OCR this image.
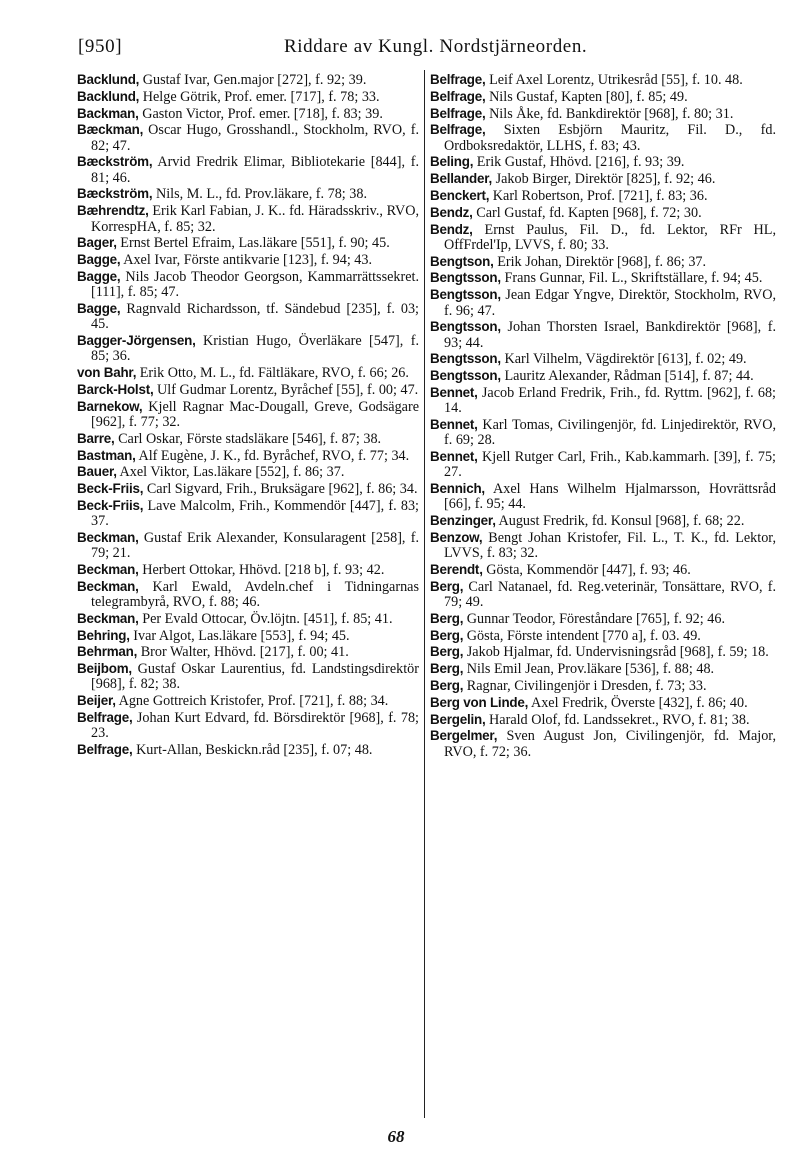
[950]	Riddare av Kungl. Nordstjärneorden.

Backlund, Gustaf Ivar, Gen.major [272], f. 92; 39.

Backlund, Helge Götrik, Prof. emer. [717], f. 78; 33.

Backman, Gaston Victor, Prof. emer. [718], f. 83; 39.

Bæckman, Oscar Hugo, Grosshandl., Stockholm, RVO, f. 82; 47.

Bæckström, Arvid Fredrik Elimar, Bibliotekarie [844], f. 81; 46.

Bæckström, Nils, M. L., fd. Prov.läkare, f. 78; 38.

Bæhrendtz, Erik Karl Fabian, J. K.. fd. Häradsskriv., RVO, KorrespHA, f. 85; 32.

Bager, Ernst Bertel Efraim, Las.läkare [551], f. 90; 45.

Bagge, Axel Ivar, Förste antikvarie [123], f. 94; 43.

Bagge, Nils Jacob Theodor Georgson, Kammarrättssekret. [111], f. 85; 47.

Bagge, Ragnvald Richardsson, tf. Sändebud [235], f. 03; 45.

Bagger-Jörgensen, Kristian Hugo, Överläkare [547], f. 85; 36.

von Bahr, Erik Otto, M. L., fd. Fältläkare, RVO, f. 66; 26.

Barck-Holst, Ulf Gudmar Lorentz, Byråchef [55], f. 00; 47.

Barnekow, Kjell Ragnar Mac-Dougall, Greve, Godsägare [962], f. 77; 32.

Barre, Carl Oskar, Förste stadsläkare [546], f. 87; 38.

Bastman, Alf Eugène, J. K., fd. Byråchef, RVO, f. 77; 34.

Bauer, Axel Viktor, Las.läkare [552], f. 86; 37.

Beck-Friis, Carl Sigvard, Frih., Bruksägare [962], f. 86; 34.

Beck-Friis, Lave Malcolm, Frih., Kommendör [447], f. 83; 37.

Beckman, Gustaf Erik Alexander, Konsularagent [258], f. 79; 21.

Beckman, Herbert Ottokar, Hhövd. [218 b], f. 93; 42.

Beckman, Karl Ewald, Avdeln.chef i Tidningarnas telegrambyrå, RVO, f. 88; 46.

Beckman, Per Evald Ottocar, Öv.löjtn. [451], f. 85; 41.

Behring, Ivar Algot, Las.läkare [553], f. 94; 45.

Behrman, Bror Walter, Hhövd. [217], f. 00; 41.

Beijbom, Gustaf Oskar Laurentius, fd. Landstingsdirektör [968], f. 82; 38.

Beijer, Agne Gottreich Kristofer, Prof. [721], f. 88; 34.

Belfrage, Johan Kurt Edvard, fd. Börsdirektör [968], f. 78; 23.

Belfrage, Kurt-Allan, Beskickn.råd [235], f. 07; 48.

Belfrage, Leif Axel Lorentz, Utrikesråd [55], f. 10. 48.

Belfrage, Nils Gustaf, Kapten [80], f. 85; 49.

Belfrage, Nils Åke, fd. Bankdirektör [968], f. 80; 31.

Belfrage, Sixten Esbjörn Mauritz, Fil. D., fd. Ordboksredaktör, LLHS, f. 83; 43.

Beling, Erik Gustaf, Hhövd. [216], f. 93; 39.

Bellander, Jakob Birger, Direktör [825], f. 92; 46.

Benckert, Karl Robertson, Prof. [721], f. 83; 36.

Bendz, Carl Gustaf, fd. Kapten [968], f. 72; 30.

Bendz, Ernst Paulus, Fil. D., fd. Lektor, RFr HL, OffFrdel'Ip, LVVS, f. 80; 33.

Bengtson, Erik Johan, Direktör [968], f. 86; 37.

Bengtsson, Frans Gunnar, Fil. L., Skriftställare, f. 94; 45.

Bengtsson, Jean Edgar Yngve, Direktör, Stockholm, RVO, f. 96; 47.

Bengtsson, Johan Thorsten Israel, Bankdirektör [968], f. 93; 44.

Bengtsson, Karl Vilhelm, Vägdirektör [613], f. 02; 49.

Bengtsson, Lauritz Alexander, Rådman [514], f. 87; 44.

Bennet, Jacob Erland Fredrik, Frih., fd. Ryttm. [962], f. 68; 14.

Bennet, Karl Tomas, Civilingenjör, fd. Linjedirektör, RVO, f. 69; 28.

Bennet, Kjell Rutger Carl, Frih., Kab.kammarh. [39], f. 75; 27.

Bennich, Axel Hans Wilhelm Hjalmarsson, Hovrättsråd [66], f. 95; 44.

Benzinger, August Fredrik, fd. Konsul [968], f. 68; 22.

Benzow, Bengt Johan Kristofer, Fil. L., T. K., fd. Lektor, LVVS, f. 83; 32.

Berendt, Gösta, Kommendör [447], f. 93; 46.

Berg, Carl Natanael, fd. Reg.veterinär, Tonsättare, RVO, f. 79; 49.

Berg, Gunnar Teodor, Föreståndare [765], f. 92; 46.

Berg, Gösta, Förste intendent [770 a], f. 03. 49.

Berg, Jakob Hjalmar, fd. Undervisningsråd [968], f. 59; 18.

Berg, Nils Emil Jean, Prov.läkare [536], f. 88; 48.

Berg, Ragnar, Civilingenjör i Dresden, f. 73; 33.

Berg von Linde, Axel Fredrik, Överste [432], f. 86; 40.

Bergelin, Harald Olof, fd. Landssekret., RVO, f. 81; 38.

Bergelmer, Sven August Jon, Civilingenjör, fd. Major, RVO, f. 72; 36.

68
